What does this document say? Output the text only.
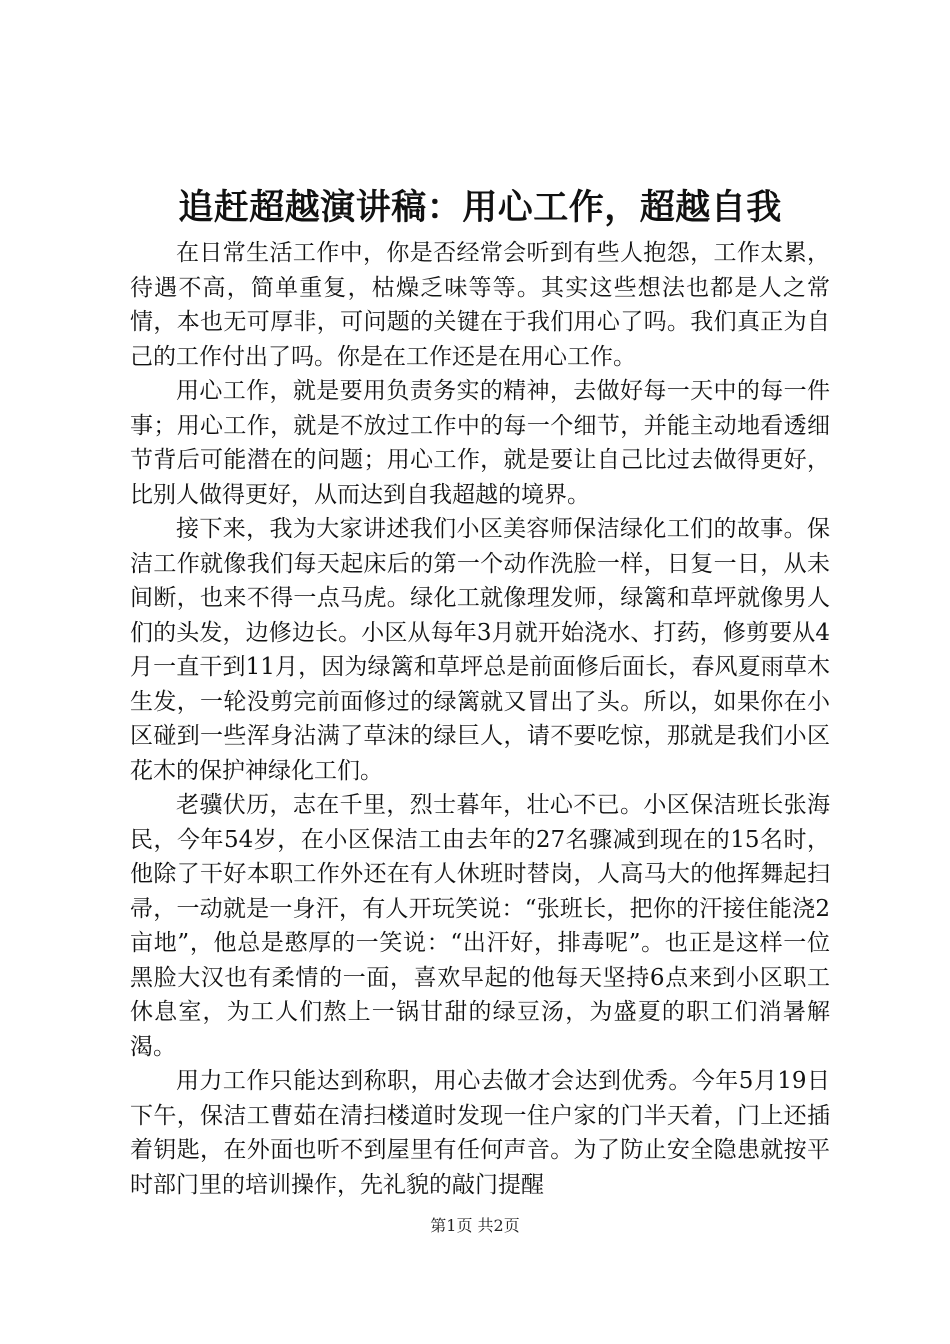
追赶超越演讲稿：用心工作，超越自我

在日常生活工作中，你是否经常会听到有些人抱怨，工作太累，待遇不高，简单重复，枯燥乏味等等。其实这些想法也都是人之常情，本也无可厚非，可问题的关键在于我们用心了吗。我们真正为自己的工作付出了吗。你是在工作还是在用心工作。

用心工作，就是要用负责务实的精神，去做好每一天中的每一件事；用心工作，就是不放过工作中的每一个细节，并能主动地看透细节背后可能潜在的问题；用心工作，就是要让自己比过去做得更好，比别人做得更好，从而达到自我超越的境界。

接下来，我为大家讲述我们小区美容师保洁绿化工们的故事。保洁工作就像我们每天起床后的第一个动作洗脸一样，日复一日，从未间断，也来不得一点马虎。绿化工就像理发师，绿篱和草坪就像男人们的头发，边修边长。小区从每年3月就开始浇水、打药，修剪要从4月一直干到11月，因为绿篱和草坪总是前面修后面长，春风夏雨草木生发，一轮没剪完前面修过的绿篱就又冒出了头。所以，如果你在小区碰到一些浑身沾满了草沫的绿巨人，请不要吃惊，那就是我们小区花木的保护神绿化工们。

老骥伏历，志在千里，烈士暮年，壮心不已。小区保洁班长张海民，今年54岁，在小区保洁工由去年的27名骤减到现在的15名时，他除了干好本职工作外还在有人休班时替岗，人高马大的他挥舞起扫帚，一动就是一身汗，有人开玩笑说：“张班长，把你的汗接住能浇2亩地”，他总是憨厚的一笑说：“出汗好，排毒呢”。也正是这样一位黑脸大汉也有柔情的一面，喜欢早起的他每天坚持6点来到小区职工休息室，为工人们熬上一锅甘甜的绿豆汤，为盛夏的职工们消暑解渴。

用力工作只能达到称职，用心去做才会达到优秀。今年5月19日下午，保洁工曹茹在清扫楼道时发现一住户家的门半天着，门上还插着钥匙，在外面也听不到屋里有任何声音。为了防止安全隐患就按平时部门里的培训操作，先礼貌的敲门提醒

第1页 共2页
